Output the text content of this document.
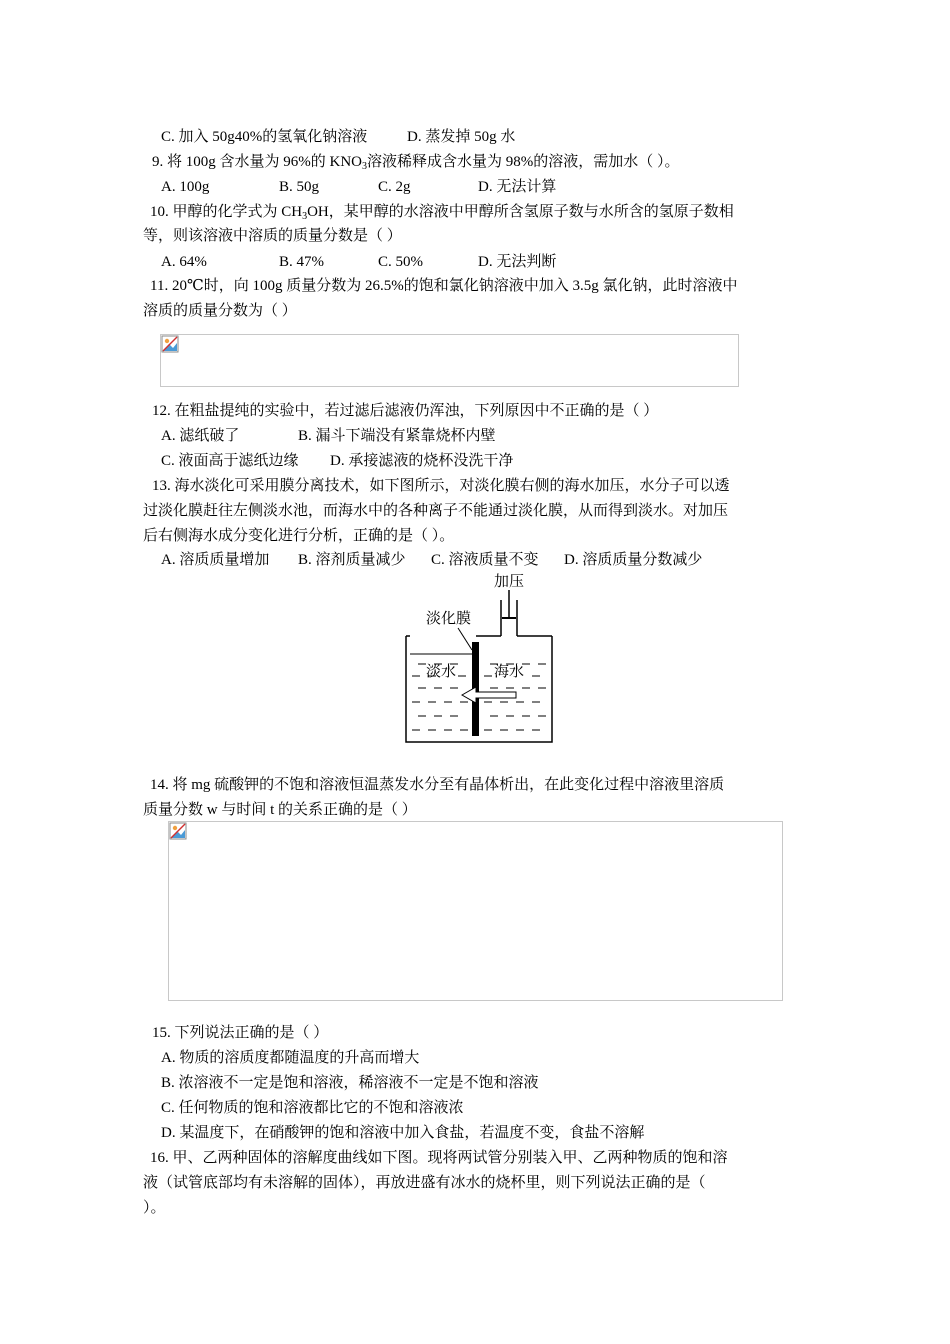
C. 加入 50g40%的氢氧化钠溶液	D. 蒸发掉 50g 水
9. 将 100g 含水量为 96%的 $KNO_3$溶液稀释成含水量为 98%的溶液，需加水（ ）。
A. 100g	B. 50g	C. 2g	D. 无法计算
10. 甲醇的化学式为 $CH_3OH$，某甲醇的水溶液中甲醇所含氢原子数与水所含的氢原子数相
等，则该溶液中溶质的质量分数是（ ）
A. 64%	B. 47%	C. 50%	D. 无法判断
11. 20℃时，向 100g 质量分数为 26.5%的饱和氯化钠溶液中加入 3.5g 氯化钠，此时溶液中
溶质的质量分数为（ ）
12. 在粗盐提纯的实验中，若过滤后滤液仍浑浊，下列原因中不正确的是（ ）
A. 滤纸破了	B. 漏斗下端没有紧靠烧杯内壁
C. 液面高于滤纸边缘 D. 承接滤液的烧杯没洗干净
13. 海水淡化可采用膜分离技术，如下图所示，对淡化膜右侧的海水加压，水分子可以透
过淡化膜赶往左侧淡水池，而海水中的各种离子不能通过淡化膜，从而得到淡水。对加压
后右侧海水成分变化进行分析，正确的是（ ）。
A. 溶质质量增加 B. 溶剂质量减少 C. 溶液质量不变 D. 溶质质量分数减少
加压
淡化膜
淡水	海水
14. 将 mg 硫酸钾的不饱和溶液恒温蒸发水分至有晶体析出，在此变化过程中溶液里溶质
质量分数 w 与时间 t 的关系正确的是（ ）
15. 下列说法正确的是（ ）
A. 物质的溶质度都随温度的升高而增大
B. 浓溶液不一定是饱和溶液，稀溶液不一定是不饱和溶液
C. 任何物质的饱和溶液都比它的不饱和溶液浓
D. 某温度下，在硝酸钾的饱和溶液中加入食盐，若温度不变，食盐不溶解
16. 甲、乙两种固体的溶解度曲线如下图。现将两试管分别装入甲、乙两种物质的饱和溶
液（试管底部均有未溶解的固体），再放进盛有冰水的烧杯里，则下列说法正确的是（
）。
